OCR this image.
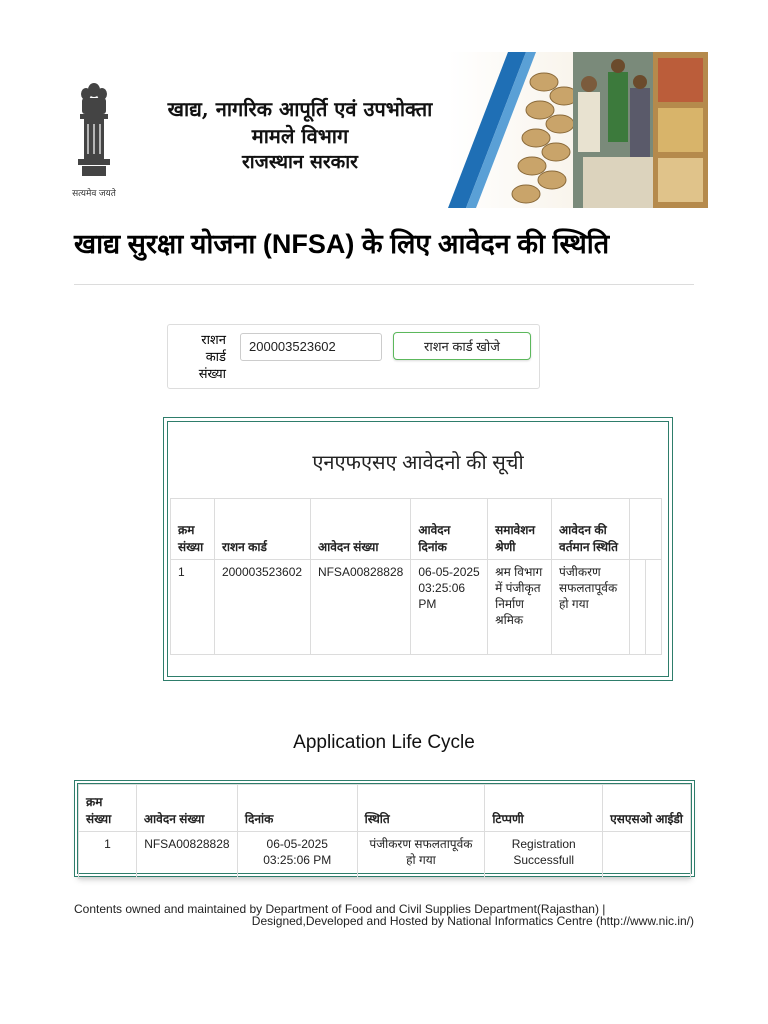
सत्यमेव जयते
खाद्य, नागरिक आपूर्ति एवं उपभोक्ता मामले विभाग
राजस्थान सरकार
खाद्य सुरक्षा योजना (NFSA) के लिए आवेदन की स्थिति
राशन कार्ड संख्या
200003523602
राशन कार्ड खोजे
एनएफएसए आवेदनो की सूची
क्रम संख्या	राशन कार्ड	आवेदन संख्या	आवेदन दिनांक	समावेशन श्रेणी	आवेदन की वर्तमान स्थिति		
1	200003523602	NFSA00828828	06-05-2025 03:25:06 PM	श्रम विभाग में पंजीकृत निर्माण श्रमिक	पंजीकरण सफलतापूर्वक हो गया		
Application Life Cycle
क्रम संख्या	आवेदन संख्या	दिनांक	स्थिति	टिप्पणी	एसएसओ आईडी
1	NFSA00828828	06-05-2025 03:25:06 PM	पंजीकरण सफलतापूर्वक हो गया	Registration Successfull	
Contents owned and maintained by Department of Food and Civil Supplies Department(Rajasthan) |
Designed,Developed and Hosted by National Informatics Centre (http://www.nic.in/)
